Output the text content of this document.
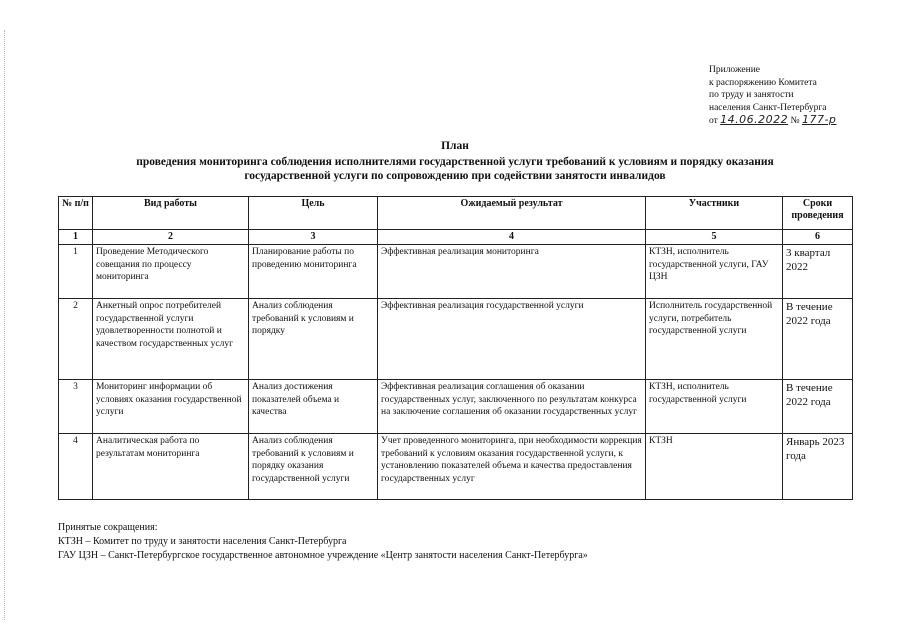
Приложение
к распоряжению Комитета
по труду и занятости
населения Санкт-Петербурга
от 14.06.2022 № 177-р
План
проведения мониторинга соблюдения исполнителями государственной услуги требований к условиям и порядку оказания
государственной услуги по сопровождению при содействии занятости инвалидов
№ п/п	Вид работы	Цель	Ожидаемый результат	Участники	Сроки проведения
1	2	3	4	5	6
1	Проведение Методического совещания по процессу мониторинга	Планирование работы по проведению мониторинга	Эффективная реализация мониторинга	КТЗН, исполнитель государственной услуги, ГАУ ЦЗН	3 квартал 2022
2	Анкетный опрос потребителей государственной услуги удовлетворенности полнотой и качеством государственных услуг	Анализ соблюдения требований к условиям и порядку	Эффективная реализация государственной услуги	Исполнитель государственной услуги, потребитель государственной услуги	В течение 2022 года
3	Мониторинг информации об условиях оказания государственной услуги	Анализ достижения показателей объема и качества	Эффективная реализация соглашения об оказании государственных услуг, заключенного по результатам конкурса на заключение соглашения об оказании государственных услуг	КТЗН, исполнитель государственной услуги	В течение 2022 года
4	Аналитическая работа по результатам мониторинга	Анализ соблюдения требований к условиям и порядку оказания государственной услуги	Учет проведенного мониторинга, при необходимости коррекция требований к условиям оказания государственной услуги, к установлению показателей объема и качества предоставления государственных услуг	КТЗН	Январь 2023 года
Принятые сокращения:
КТЗН – Комитет по труду и занятости населения Санкт-Петербурга
ГАУ ЦЗН – Санкт-Петербургское государственное автономное учреждение «Центр занятости населения Санкт-Петербурга»
